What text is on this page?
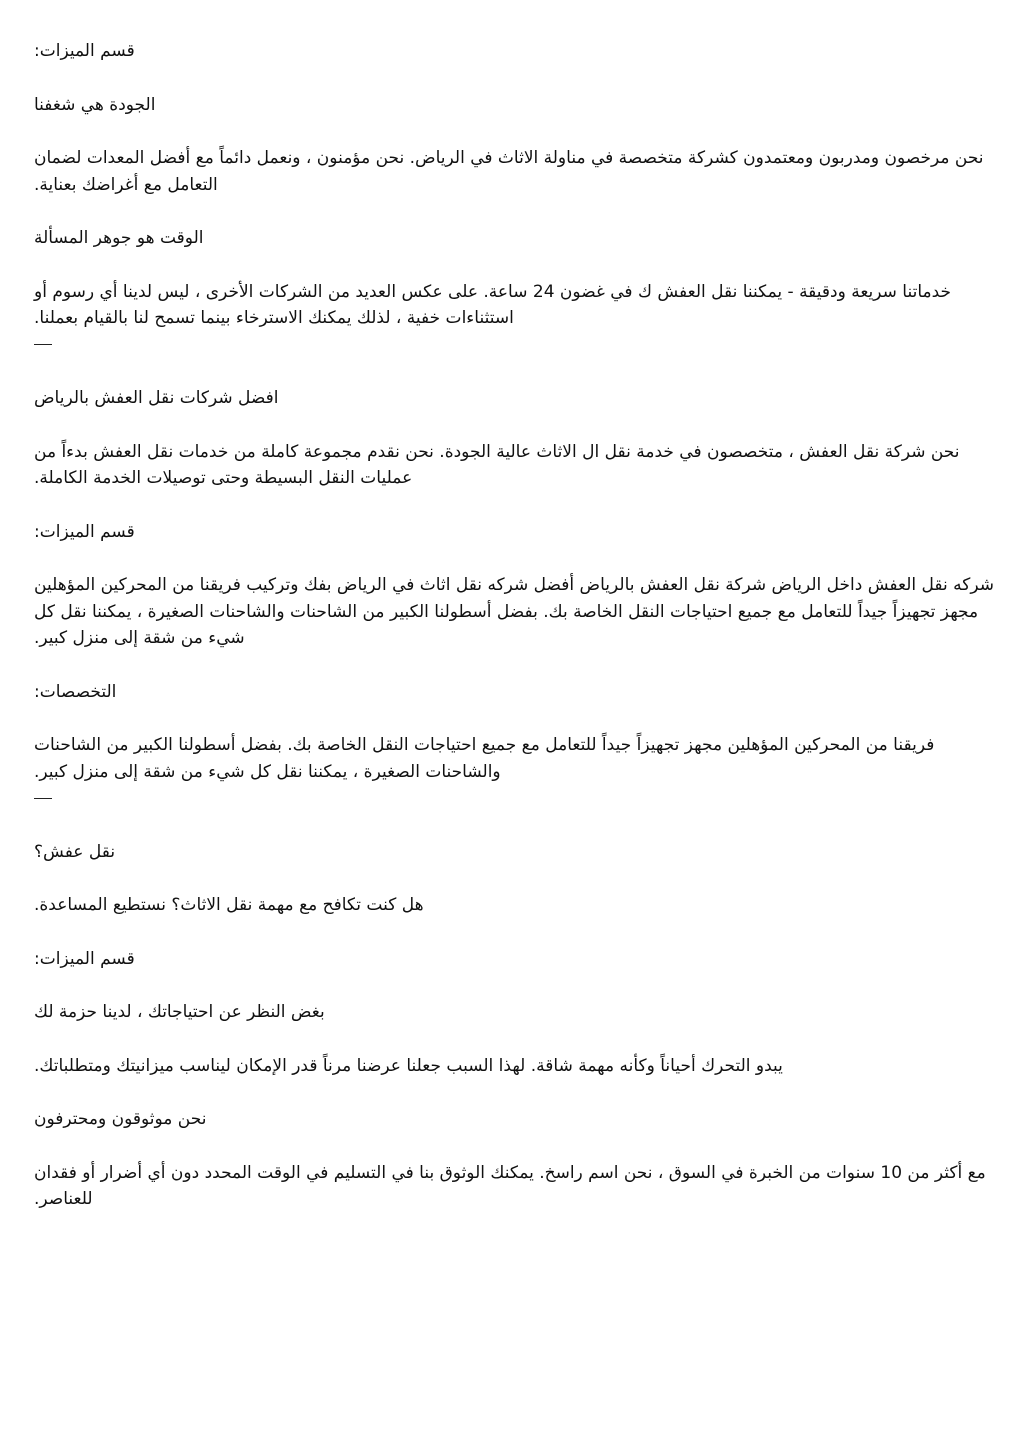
قسم الميزات:

الجودة هي شغفنا

نحن مرخصون ومدربون ومعتمدون كشركة متخصصة في مناولة الاثاث في الرياض. نحن مؤمنون ، ونعمل دائماً مع أفضل المعدات لضمان التعامل مع أغراضك بعناية.

الوقت هو جوهر المسألة

خدماتنا سريعة ودقيقة - يمكننا نقل العفش ك في غضون 24 ساعة. على عكس العديد من الشركات الأخرى ، ليس لدينا أي رسوم أو استثناءات خفية ، لذلك يمكنك الاسترخاء بينما تسمح لنا بالقيام بعملنا.

افضل شركات نقل العفش بالرياض

نحن شركة نقل العفش ، متخصصون في خدمة نقل ال الاثاث عالية الجودة. نحن نقدم مجموعة كاملة من خدمات نقل العفش بدءاً من عمليات النقل البسيطة وحتى توصيلات الخدمة الكاملة.

قسم الميزات:

شركه نقل العفش داخل الرياض شركة نقل العفش بالرياض أفضل شركه نقل اثاث في الرياض بفك وتركيب فريقنا من المحركين المؤهلين مجهز تجهيزاً جيداً للتعامل مع جميع احتياجات النقل الخاصة بك. بفضل أسطولنا الكبير من الشاحنات والشاحنات الصغيرة ، يمكننا نقل كل شيء من شقة إلى منزل كبير.

التخصصات:

فريقنا من المحركين المؤهلين مجهز تجهيزاً جيداً للتعامل مع جميع احتياجات النقل الخاصة بك. بفضل أسطولنا الكبير من الشاحنات والشاحنات الصغيرة ، يمكننا نقل كل شيء من شقة إلى منزل كبير.

نقل عفش؟

هل كنت تكافح مع مهمة نقل الاثاث؟ نستطيع المساعدة.

قسم الميزات:

بغض النظر عن احتياجاتك ، لدينا حزمة لك

يبدو التحرك أحياناً وكأنه مهمة شاقة. لهذا السبب جعلنا عرضنا مرناً قدر الإمكان ليناسب ميزانيتك ومتطلباتك.

نحن موثوقون ومحترفون

مع أكثر من 10 سنوات من الخبرة في السوق ، نحن اسم راسخ. يمكنك الوثوق بنا في التسليم في الوقت المحدد دون أي أضرار أو فقدان للعناصر.
